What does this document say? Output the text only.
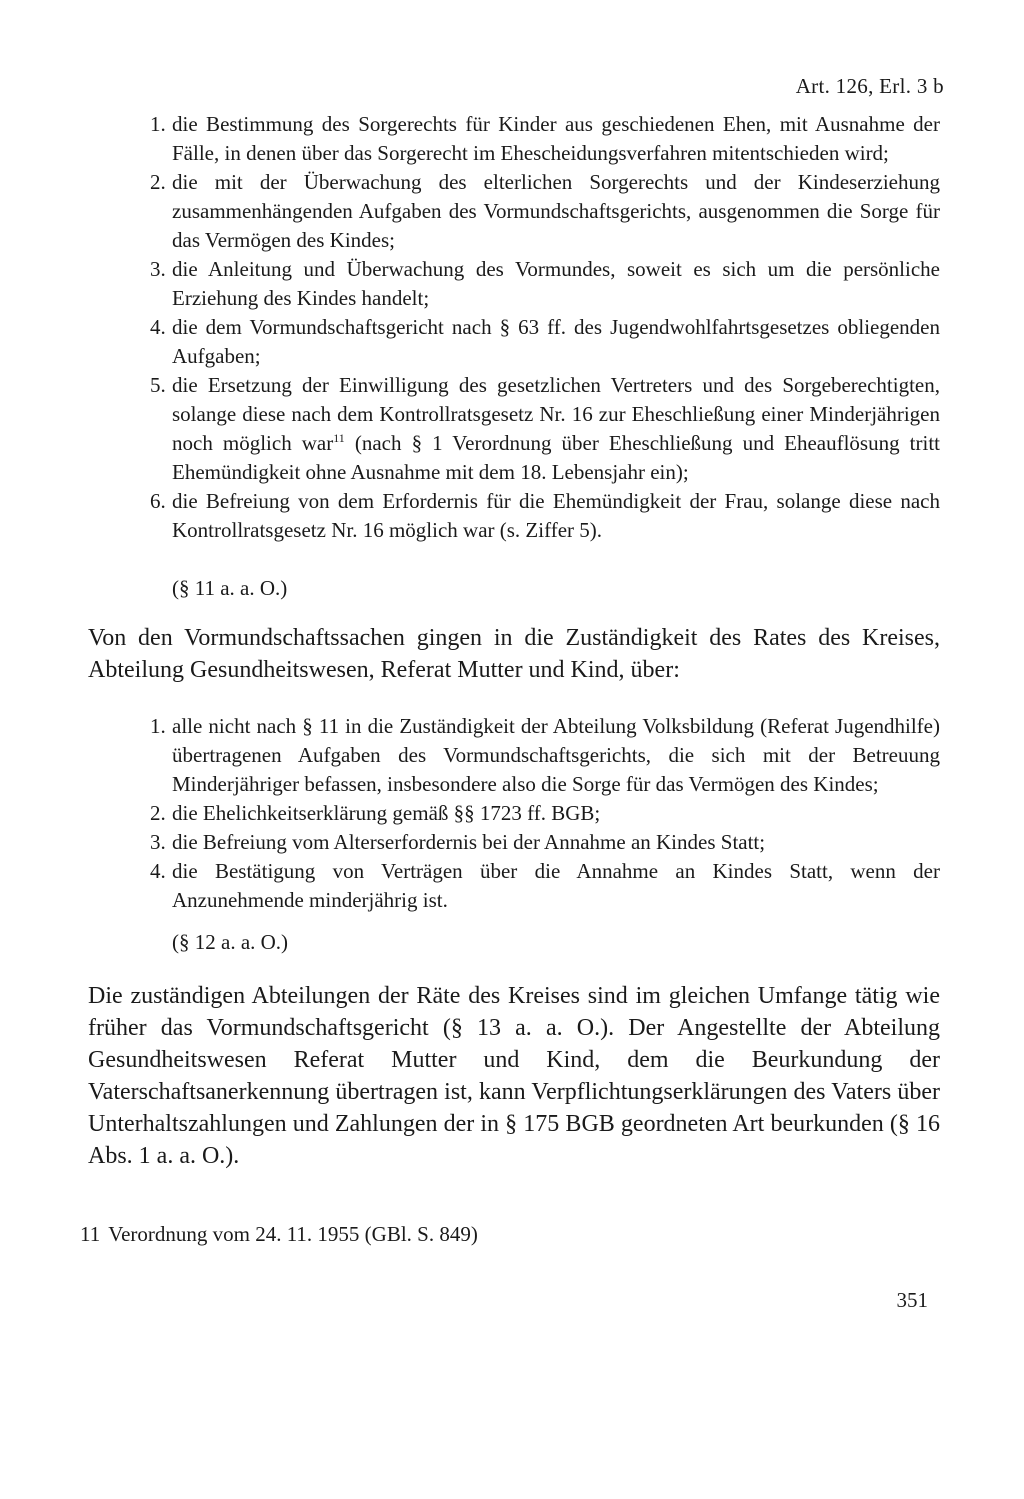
Art. 126, Erl. 3 b
1. die Bestimmung des Sorgerechts für Kinder aus geschiedenen Ehen, mit Ausnahme der Fälle, in denen über das Sorgerecht im Ehescheidungsverfahren mitentschieden wird;
2. die mit der Überwachung des elterlichen Sorgerechts und der Kindeserziehung zusammenhängenden Aufgaben des Vormundschaftsgerichts, ausgenommen die Sorge für das Vermögen des Kindes;
3. die Anleitung und Überwachung des Vormundes, soweit es sich um die persönliche Erziehung des Kindes handelt;
4. die dem Vormundschaftsgericht nach § 63 ff. des Jugendwohlfahrtsgesetzes obliegenden Aufgaben;
5. die Ersetzung der Einwilligung des gesetzlichen Vertreters und des Sorgeberechtigten, solange diese nach dem Kontrollratsgesetz Nr. 16 zur Eheschließung einer Minderjährigen noch möglich war$^{11}$ (nach § 1 Verordnung über Eheschließung und Eheauflösung tritt Ehemündigkeit ohne Ausnahme mit dem 18. Lebensjahr ein);
6. die Befreiung von dem Erfordernis für die Ehemündigkeit der Frau, solange diese nach Kontrollratsgesetz Nr. 16 möglich war (s. Ziffer 5).
(§ 11 a. a. O.)

Von den Vormundschaftssachen gingen in die Zuständigkeit des Rates des Kreises, Abteilung Gesundheitswesen, Referat Mutter und Kind, über:

1. alle nicht nach § 11 in die Zuständigkeit der Abteilung Volksbildung (Referat Jugendhilfe) übertragenen Aufgaben des Vormundschaftsgerichts, die sich mit der Betreuung Minderjähriger befassen, insbesondere also die Sorge für das Vermögen des Kindes;
2. die Ehelichkeitserklärung gemäß §§ 1723 ff. BGB;
3. die Befreiung vom Alterserfordernis bei der Annahme an Kindes Statt;
4. die Bestätigung von Verträgen über die Annahme an Kindes Statt, wenn der Anzunehmende minderjährig ist.
(§ 12 a. a. O.)

Die zuständigen Abteilungen der Räte des Kreises sind im gleichen Umfange tätig wie früher das Vormundschaftsgericht (§ 13 a. a. O.). Der Angestellte der Abteilung Gesundheitswesen Referat Mutter und Kind, dem die Beurkundung der Vaterschaftsanerkennung übertragen ist, kann Verpflichtungserklärungen des Vaters über Unterhaltszahlungen und Zahlungen der in § 175 BGB geordneten Art beurkunden (§ 16 Abs. 1 a. a. O.).

11 Verordnung vom 24. 11. 1955 (GBl. S. 849)
351
